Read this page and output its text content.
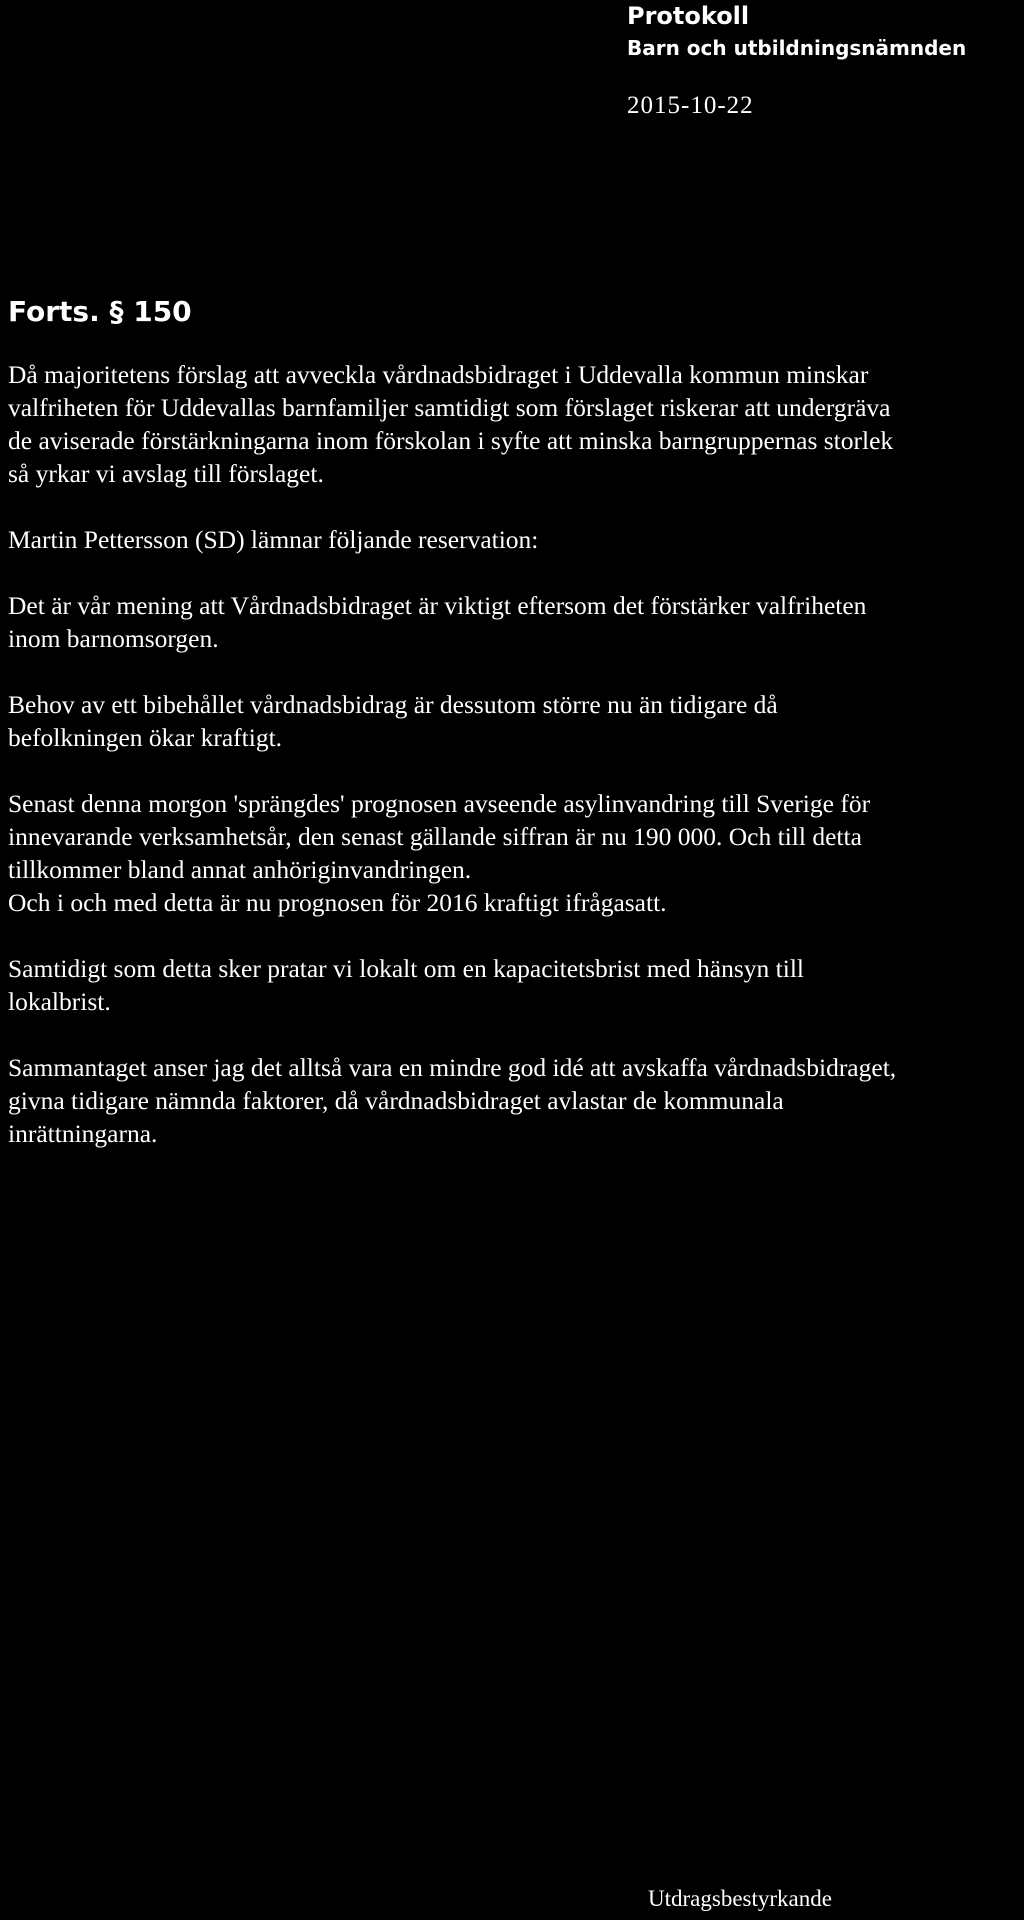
Protokoll
Barn och utbildningsnämnden
2015-10-22
Forts. § 150

Då majoritetens förslag att avveckla vårdnadsbidraget i Uddevalla kommun minskar
valfriheten för Uddevallas barnfamiljer samtidigt som förslaget riskerar att undergräva
de aviserade förstärkningarna inom förskolan i syfte att minska barngruppernas storlek
så yrkar vi avslag till förslaget.

Martin Pettersson (SD) lämnar följande reservation:

Det är vår mening att Vårdnadsbidraget är viktigt eftersom det förstärker valfriheten
inom barnomsorgen.

Behov av ett bibehållet vårdnadsbidrag är dessutom större nu än tidigare då
befolkningen ökar kraftigt.

Senast denna morgon 'sprängdes' prognosen avseende asylinvandring till Sverige för
innevarande verksamhetsår, den senast gällande siffran är nu 190 000. Och till detta
tillkommer bland annat anhöriginvandringen.
Och i och med detta är nu prognosen för 2016 kraftigt ifrågasatt.

Samtidigt som detta sker pratar vi lokalt om en kapacitetsbrist med hänsyn till
lokalbrist.

Sammantaget anser jag det alltså vara en mindre god idé att avskaffa vårdnadsbidraget,
givna tidigare nämnda faktorer, då vårdnadsbidraget avlastar de kommunala
inrättningarna.

Utdragsbestyrkande
